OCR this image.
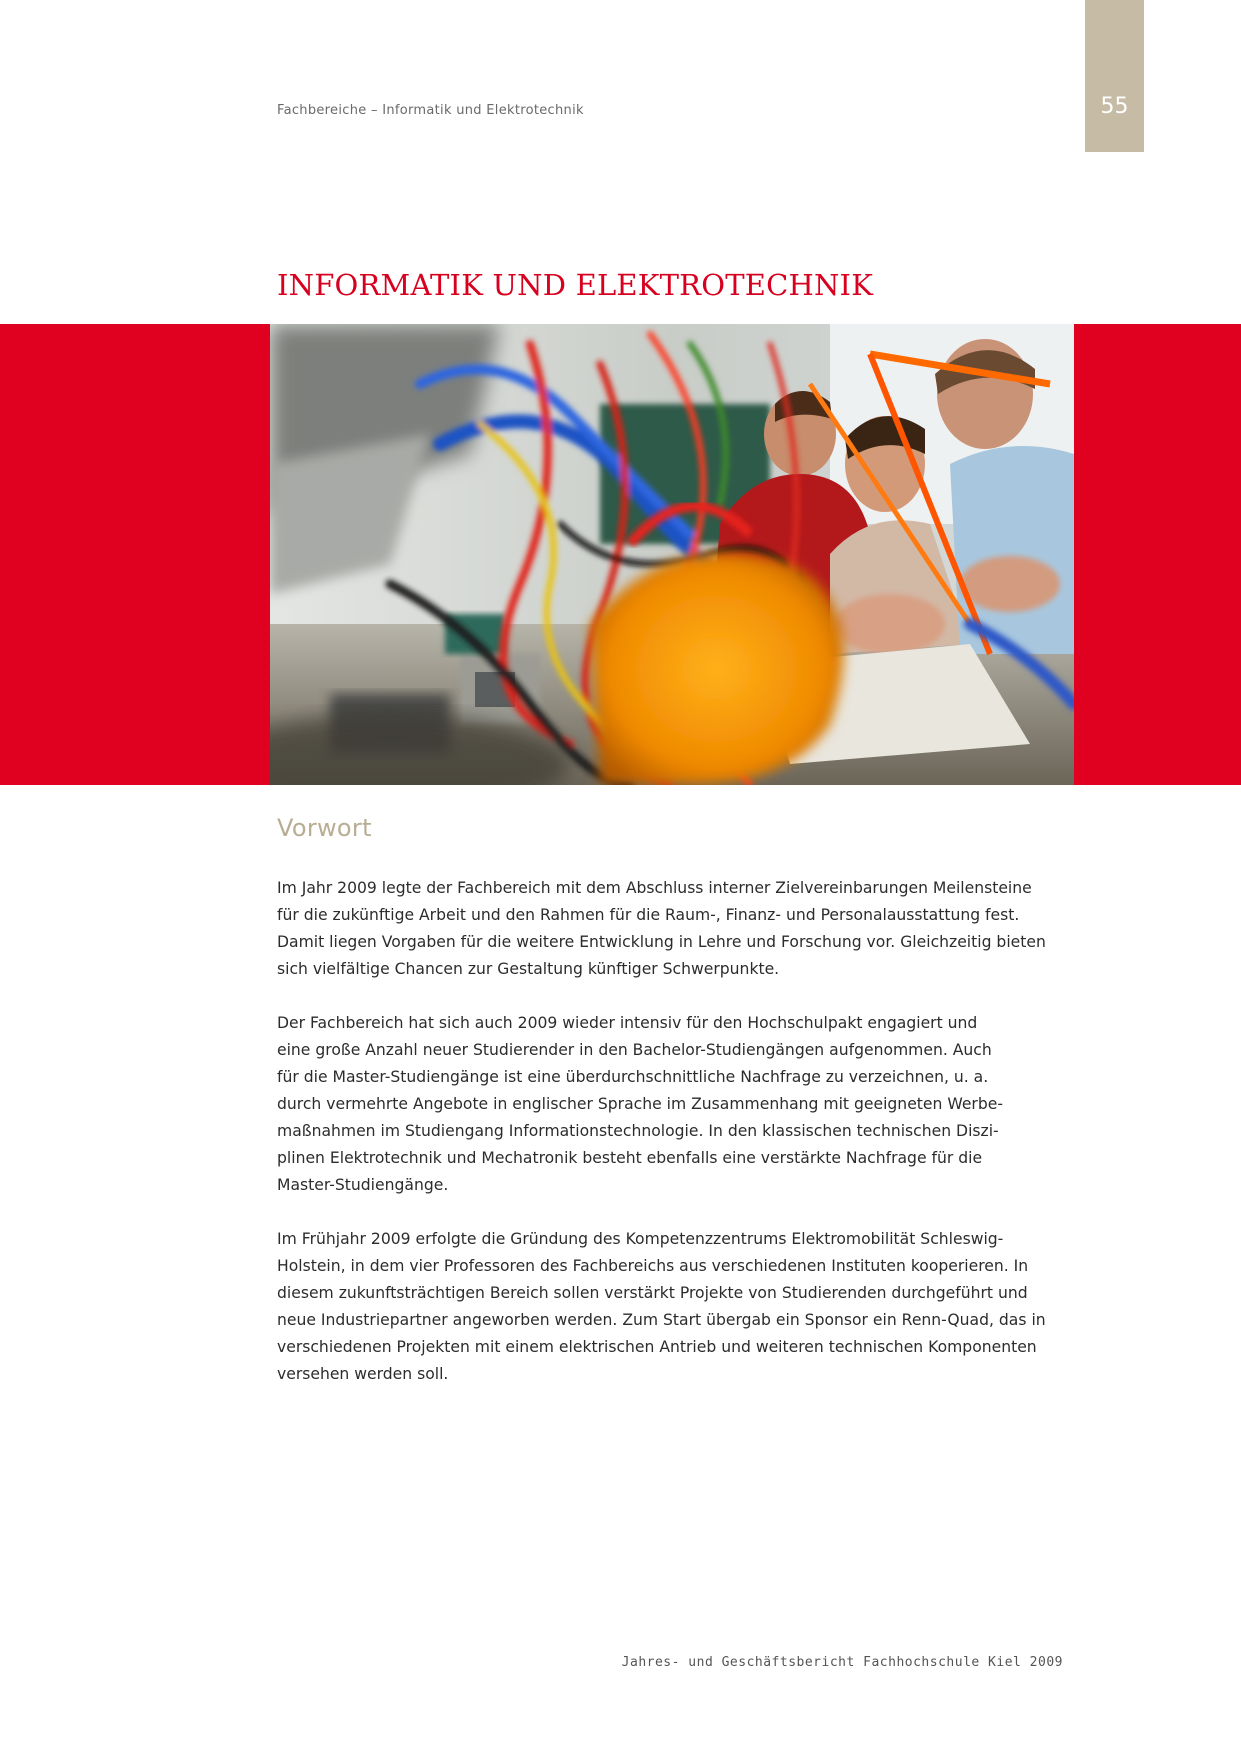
Fachbereiche – Informatik und Elektrotechnik	55
INFORMATIK UND ELEKTROTECHNIK
Vorwort

Im Jahr 2009 legte der Fachbereich mit dem Abschluss interner Zielvereinbarungen Meilensteine
für die zukünftige Arbeit und den Rahmen für die Raum-, Finanz- und Personalausstattung fest.
Damit liegen Vorgaben für die weitere Entwicklung in Lehre und Forschung vor. Gleichzeitig bieten
sich vielfältige Chancen zur Gestaltung künftiger Schwerpunkte.

Der Fachbereich hat sich auch 2009 wieder intensiv für den Hochschulpakt engagiert und
eine große Anzahl neuer Studierender in den Bachelor-Studiengängen aufgenommen. Auch
für die Master-Studiengänge ist eine überdurchschnittliche Nachfrage zu verzeichnen, u. a.
durch vermehrte Angebote in englischer Sprache im Zusammenhang mit geeigneten Werbe-
maßnahmen im Studiengang Informationstechnologie. In den klassischen technischen Diszi-
plinen Elektrotechnik und Mechatronik besteht ebenfalls eine verstärkte Nachfrage für die
Master-Studiengänge.

Im Frühjahr 2009 erfolgte die Gründung des Kompetenzzentrums Elektromobilität Schleswig-
Holstein, in dem vier Professoren des Fachbereichs aus verschiedenen Instituten kooperieren. In
diesem zukunftsträchtigen Bereich sollen verstärkt Projekte von Studierenden durchgeführt und
neue Industriepartner angeworben werden. Zum Start übergab ein Sponsor ein Renn-Quad, das in
verschiedenen Projekten mit einem elektrischen Antrieb und weiteren technischen Komponenten
versehen werden soll.

Jahres- und Geschäftsbericht Fachhochschule Kiel 2009
